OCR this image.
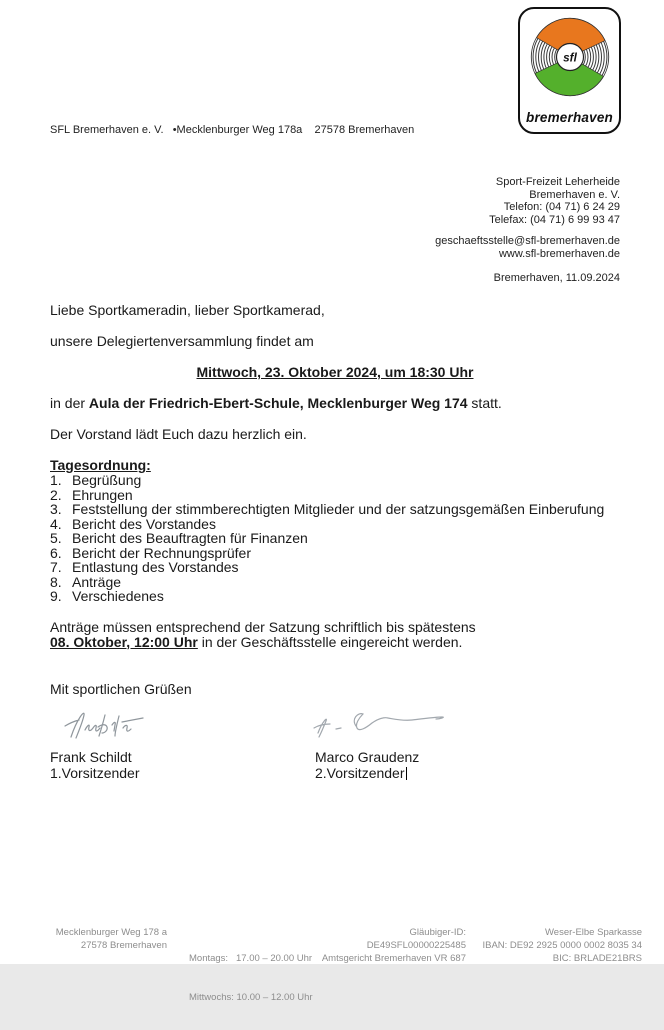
SFL Bremerhaven e. V.   •Mecklenburger Weg 178a    27578 Bremerhaven
sfl
bremerhaven
Sport-Freizeit Leherheide
Bremerhaven e. V.
Telefon: (04 71) 6 24 29
Telefax: (04 71) 6 99 93 47
geschaeftsstelle@sfl-bremerhaven.de
www.sfl-bremerhaven.de
Bremerhaven, 11.09.2024

Liebe Sportkameradin, lieber Sportkamerad,

unsere Delegiertenversammlung findet am

Mittwoch, 23. Oktober 2024, um 18:30 Uhr

in der Aula der Friedrich-Ebert-Schule, Mecklenburger Weg 174 statt.

Der Vorstand lädt Euch dazu herzlich ein.

Tagesordnung:

1. Begrüßung
2. Ehrungen
3. Feststellung der stimmberechtigten Mitglieder und der satzungsgemäßen Einberufung
4. Bericht des Vorstandes
5. Bericht des Beauftragten für Finanzen
6. Bericht der Rechnungsprüfer
7. Entlastung des Vorstandes
8. Anträge
9. Verschiedenes

Anträge müssen entsprechend der Satzung schriftlich bis spätestens
08. Oktober, 12:00 Uhr in der Geschäftsstelle eingereicht werden.

Mit sportlichen Grüßen

Frank Schildt
1.Vorsitzender
Marco Graudenz
2.Vorsitzender
Mecklenburger Weg 178 a
27578 Bremerhaven

Montags:   17.00 – 20.00 Uhr

Mittwochs: 10.00 – 12.00 Uhr

Gläubiger-ID: DE49SFL00000225485
Amtsgericht Bremerhaven VR 687
Weser-Elbe Sparkasse
IBAN: DE92 2925 0000 0002 8035 34
BIC: BRLADE21BRS
